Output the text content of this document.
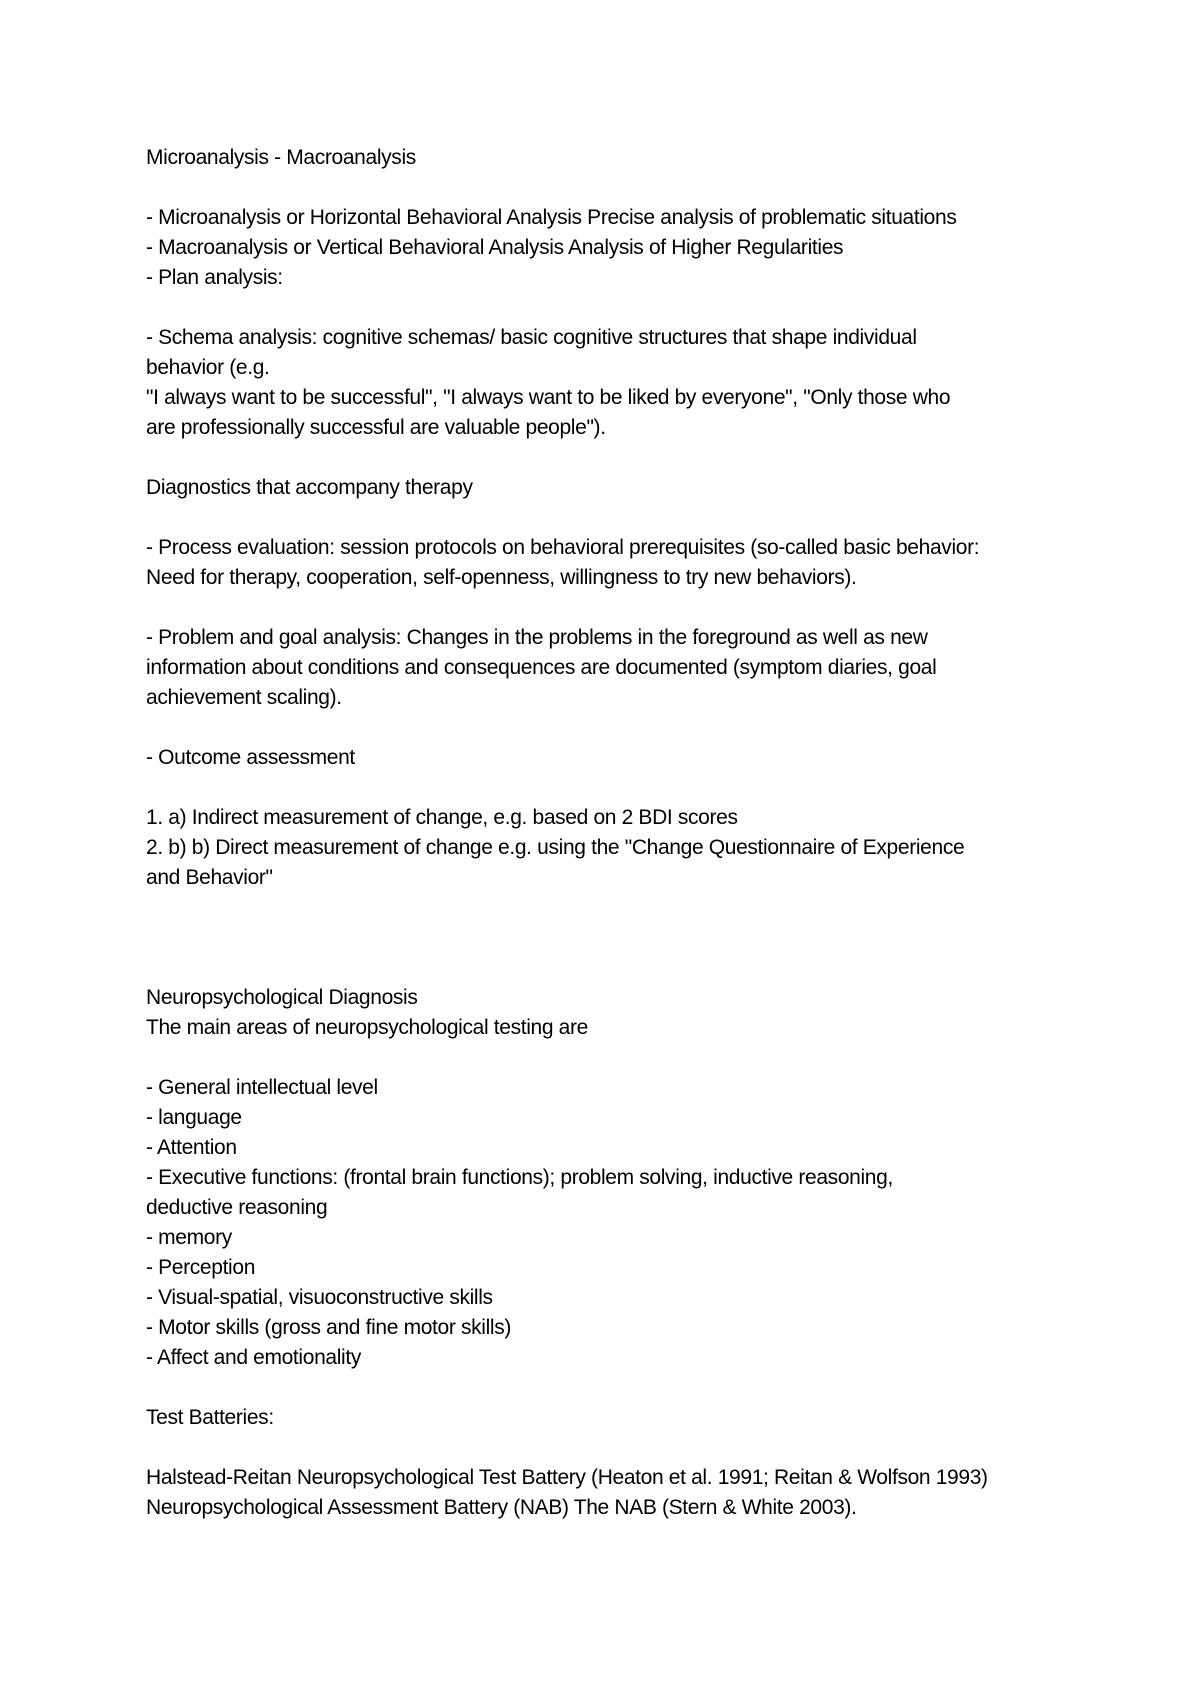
Microanalysis - Macroanalysis
- Microanalysis or Horizontal Behavioral Analysis Precise analysis of problematic situations
- Macroanalysis or Vertical Behavioral Analysis Analysis of Higher Regularities
- Plan analysis:
- Schema analysis: cognitive schemas/ basic cognitive structures that shape individual
behavior (e.g.
"I always want to be successful", "I always want to be liked by everyone", "Only those who
are professionally successful are valuable people").
Diagnostics that accompany therapy
- Process evaluation: session protocols on behavioral prerequisites (so-called basic behavior:
Need for therapy, cooperation, self-openness, willingness to try new behaviors).
- Problem and goal analysis: Changes in the problems in the foreground as well as new
information about conditions and consequences are documented (symptom diaries, goal
achievement scaling).
- Outcome assessment
1. a) Indirect measurement of change, e.g. based on 2 BDI scores
2. b) b) Direct measurement of change e.g. using the "Change Questionnaire of Experience
and Behavior"
Neuropsychological Diagnosis
The main areas of neuropsychological testing are
- General intellectual level
- language
- Attention
- Executive functions: (frontal brain functions); problem solving, inductive reasoning,
deductive reasoning
- memory
- Perception
- Visual-spatial, visuoconstructive skills
- Motor skills (gross and fine motor skills)
- Affect and emotionality
Test Batteries:
Halstead-Reitan Neuropsychological Test Battery (Heaton et al. 1991; Reitan & Wolfson 1993)
Neuropsychological Assessment Battery (NAB) The NAB (Stern & White 2003).
